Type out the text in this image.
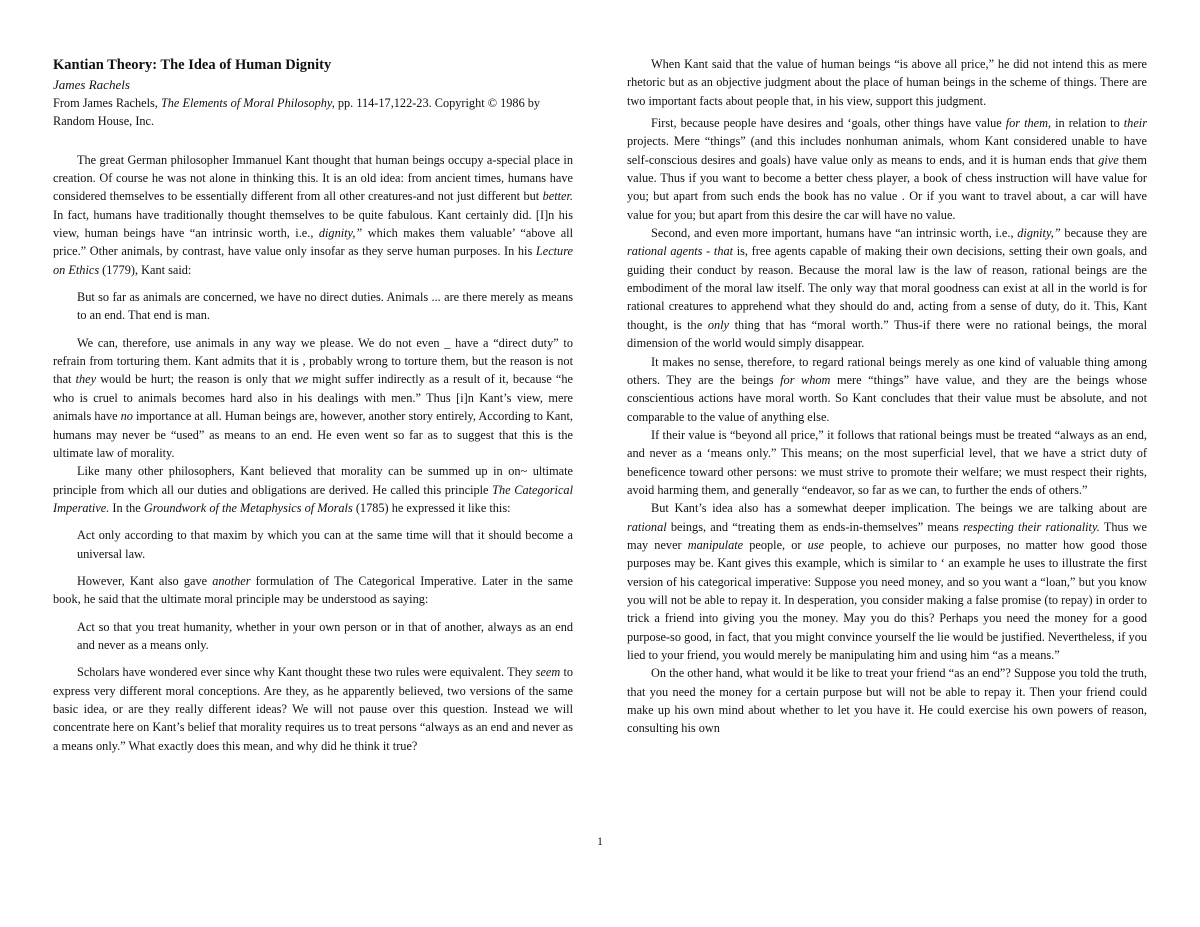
Kantian Theory: The Idea of Human Dignity

James Rachels

From James Rachels, The Elements of Moral Philosophy, pp. 114-17,122-23. Copyright © 1986 by Random House, Inc.

The great German philosopher Immanuel Kant thought that human beings occupy a-special place in creation. Of course he was not alone in thinking this. It is an old idea: from ancient times, humans have considered themselves to be essentially different from all other creatures-and not just different but better. In fact, humans have traditionally thought themselves to be quite fabulous. Kant certainly did. [I]n his view, human beings have “an intrinsic worth, i.e., dignity,” which makes them valuable’ “above all price.” Other animals, by contrast, have value only insofar as they serve human purposes. In his Lecture on Ethics (1779), Kant said:

But so far as animals are concerned, we have no direct duties. Animals ... are there merely as means to an end. That end is man.

We can, therefore, use animals in any way we please. We do not even _ have a “direct duty” to refrain from torturing them. Kant admits that it is , probably wrong to torture them, but the reason is not that they would be hurt; the reason is only that we might suffer indirectly as a result of it, because “he who is cruel to animals becomes hard also in his dealings with men.” Thus [i]n Kant’s view, mere animals have no importance at all. Human beings are, however, another story entirely, According to Kant, humans may never be “used” as means to an end. He even went so far as to suggest that this is the ultimate law of morality.

Like many other philosophers, Kant believed that morality can be summed up in on~ ultimate principle from which all our duties and obligations are derived. He called this principle The Categorical Imperative. In the Groundwork of the Metaphysics of Morals (1785) he expressed it like this:

Act only according to that maxim by which you can at the same time will that it should become a universal law.

However, Kant also gave another formulation of The Categorical Imperative. Later in the same book, he said that the ultimate moral principle may be understood as saying:

Act so that you treat humanity, whether in your own person or in that of another, always as an end and never as a means only.

Scholars have wondered ever since why Kant thought these two rules were equivalent. They seem to express very different moral conceptions. Are they, as he apparently believed, two versions of the same basic idea, or are they really different ideas? We will not pause over this question. Instead we will concentrate here on Kant’s belief that morality requires us to treat persons “always as an end and never as a means only.” What exactly does this mean, and why did he think it true?

When Kant said that the value of human beings “is above all price,” he did not intend this as mere rhetoric but as an objective judgment about the place of human beings in the scheme of things. There are two important facts about people that, in his view, support this judgment.

First, because people have desires and ‘goals, other things have value for them, in relation to their projects. Mere “things” (and this includes nonhuman animals, whom Kant considered unable to have self-conscious desires and goals) have value only as means to ends, and it is human ends that give them value. Thus if you want to become a better chess player, a book of chess instruction will have value for you; but apart from such ends the book has no value . Or if you want to travel about, a car will have value for you; but apart from this desire the car will have no value.

Second, and even more important, humans have “an intrinsic worth, i.e., dignity,” because they are rational agents - that is, free agents capable of making their own decisions, setting their own goals, and guiding their conduct by reason. Because the moral law is the law of reason, rational beings are the embodiment of the moral law itself. The only way that moral goodness can exist at all in the world is for rational creatures to apprehend what they should do and, acting from a sense of duty, do it. This, Kant thought, is the only thing that has “moral worth.” Thus-if there were no rational beings, the moral dimension of the world would simply disappear.

It makes no sense, therefore, to regard rational beings merely as one kind of valuable thing among others. They are the beings for whom mere “things” have value, and they are the beings whose conscientious actions have moral worth. So Kant concludes that their value must be absolute, and not comparable to the value of anything else.

If their value is “beyond all price,” it follows that rational beings must be treated “always as an end, and never as a ‘means only.” This means; on the most superficial level, that we have a strict duty of beneficence toward other persons: we must strive to promote their welfare; we must respect their rights, avoid harming them, and generally “endeavor, so far as we can, to further the ends of others.”

But Kant’s idea also has a somewhat deeper implication. The beings we are talking about are rational beings, and “treating them as ends-in-themselves” means respecting their rationality. Thus we may never manipulate people, or use people, to achieve our purposes, no matter how good those purposes may be. Kant gives this example, which is similar to ‘ an example he uses to illustrate the first version of his categorical imperative: Suppose you need money, and so you want a “loan,” but you know you will not be able to repay it. In desperation, you consider making a false promise (to repay) in order to trick a friend into giving you the money. May you do this? Perhaps you need the money for a good purpose-so good, in fact, that you might convince yourself the lie would be justified. Nevertheless, if you lied to your friend, you would merely be manipulating him and using him “as a means.”

On the other hand, what would it be like to treat your friend “as an end”? Suppose you told the truth, that you need the money for a certain purpose but will not be able to repay it. Then your friend could make up his own mind about whether to let you have it. He could exercise his own powers of reason, consulting his own

1
